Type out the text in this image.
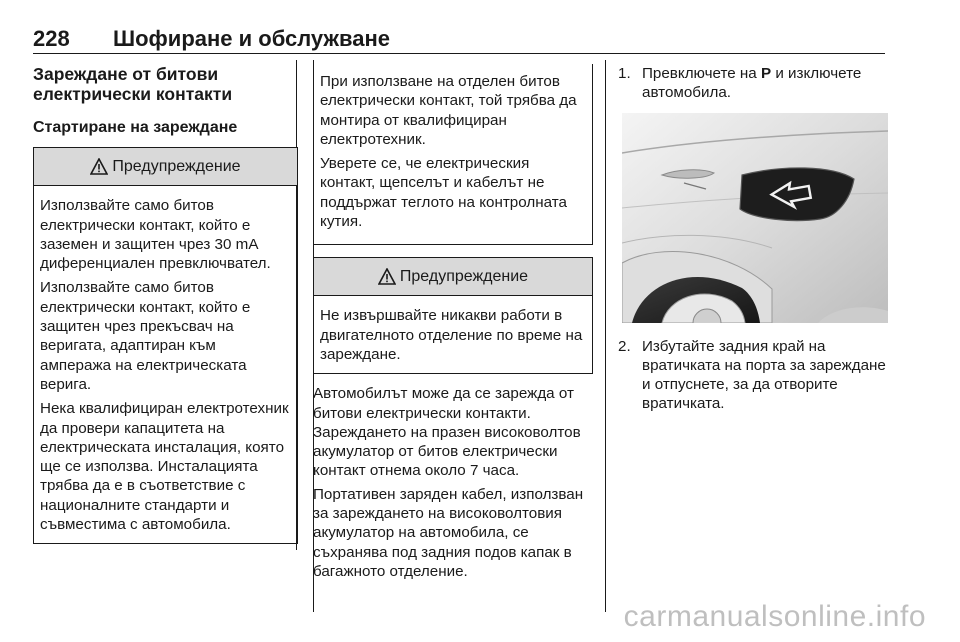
228 Шофиране и обслужване
Зареждане от битови електрически контакти
Стартиране на зареждане
Предупреждение

Използвайте само битов електрически контакт, който е заземен и защитен чрез 30 mA диференциален превключвател.

Използвайте само битов електрически контакт, който е защитен чрез прекъсвач на веригата, адаптиран към ампеража на електрическата верига.

Нека квалифициран електротехник да провери капацитета на електрическата инсталация, която ще се използва. Инсталацията трябва да е в съответствие с националните стандарти и съвместима с автомобила.

При използване на отделен битов електрически контакт, той трябва да монтира от квалифициран електротехник.

Уверете се, че електрическия контакт, щепселът и кабелът не поддържат теглото на контролната кутия.

Предупреждение

Не извършвайте никакви работи в двигателното отделение по време на зареждане.

Автомобилът може да се зарежда от битови електрически контакти. Зареждането на празен високоволтов акумулатор от битов електрически контакт отнема около 7 часа.

Портативен заряден кабел, използван за зареждането на високоволтовия акумулатор на автомобила, се съхранява под задния подов капак в багажното отделение.

1. Превключете на P и изключете автомобила.
2. Избутайте задния край на вратичката на порта за зареждане и отпуснете, за да отворите вратичката.
carmanualsonline.info
